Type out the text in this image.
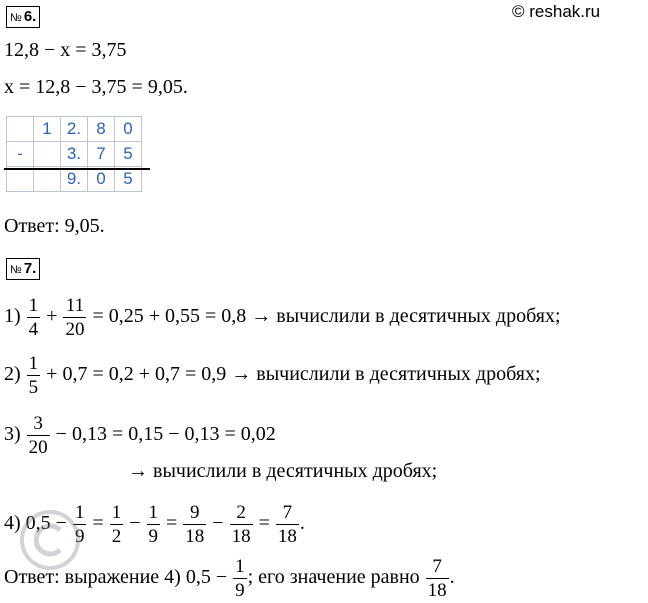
№ 6.	© reshak.ru
12,8 − x = 3,75
x = 12,8 − 3,75 = 9,05.
	1	2.	8	0
-		3.	7	5
		9.	0	5
Ответ: 9,05.
№ 7.
$1) \frac{1}{4} + \frac{11}{20} = 0,25 + 0,55 = 0,8$ → вычислили в десятичных дробях;
$2) \frac{1}{5} + 0,7 = 0,2 + 0,7 = 0,9$ → вычислили в десятичных дробях;
$3) \frac{3}{20} - 0,13 = 0,15 - 0,13 = 0,02$
→ вычислили в десятичных дробях;
4) $0,5 - \frac{1}{9} = \frac{1}{2} - \frac{1}{9} = \frac{9}{18} - \frac{2}{18} = \frac{7}{18}$ .
Ответ: выражение 4) $0,5 - \frac{1}{9}$ ; его значение равно $\frac{7}{18}$ .
